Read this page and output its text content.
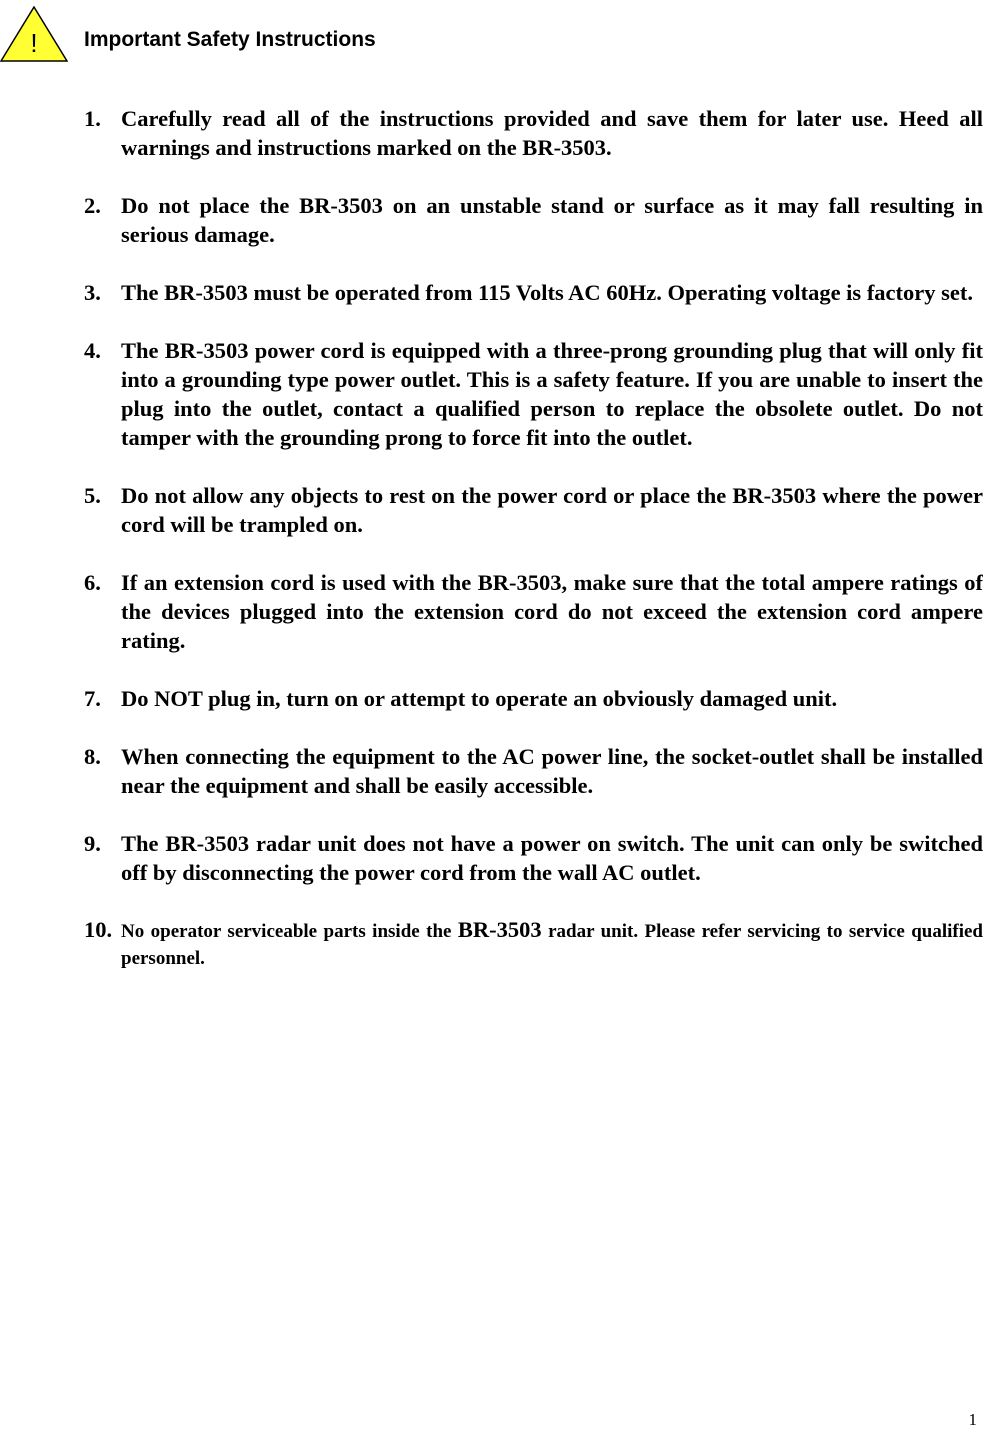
! Important Safety Instructions
1. Carefully read all of the instructions provided and save them for later use. Heed all warnings and instructions marked on the BR-3503.
2. Do not place the BR-3503 on an unstable stand or surface as it may fall resulting in serious damage.
3. The BR-3503 must be operated from 115 Volts AC 60Hz. Operating voltage is factory set.
4. The BR-3503 power cord is equipped with a three-prong grounding plug that will only fit into a grounding type power outlet. This is a safety feature. If you are unable to insert the plug into the outlet, contact a qualified person to replace the obsolete outlet. Do not tamper with the grounding prong to force fit into the outlet.
5. Do not allow any objects to rest on the power cord or place the BR-3503 where the power cord will be trampled on.
6. If an extension cord is used with the BR-3503, make sure that the total ampere ratings of the devices plugged into the extension cord do not exceed the extension cord ampere rating.
7. Do NOT plug in, turn on or attempt to operate an obviously damaged unit.
8. When connecting the equipment to the AC power line, the socket-outlet shall be installed near the equipment and shall be easily accessible.
9. The BR-3503 radar unit does not have a power on switch. The unit can only be switched off by disconnecting the power cord from the wall AC outlet.
10. No operator serviceable parts inside the BR-3503 radar unit. Please refer servicing to service qualified personnel.
1
